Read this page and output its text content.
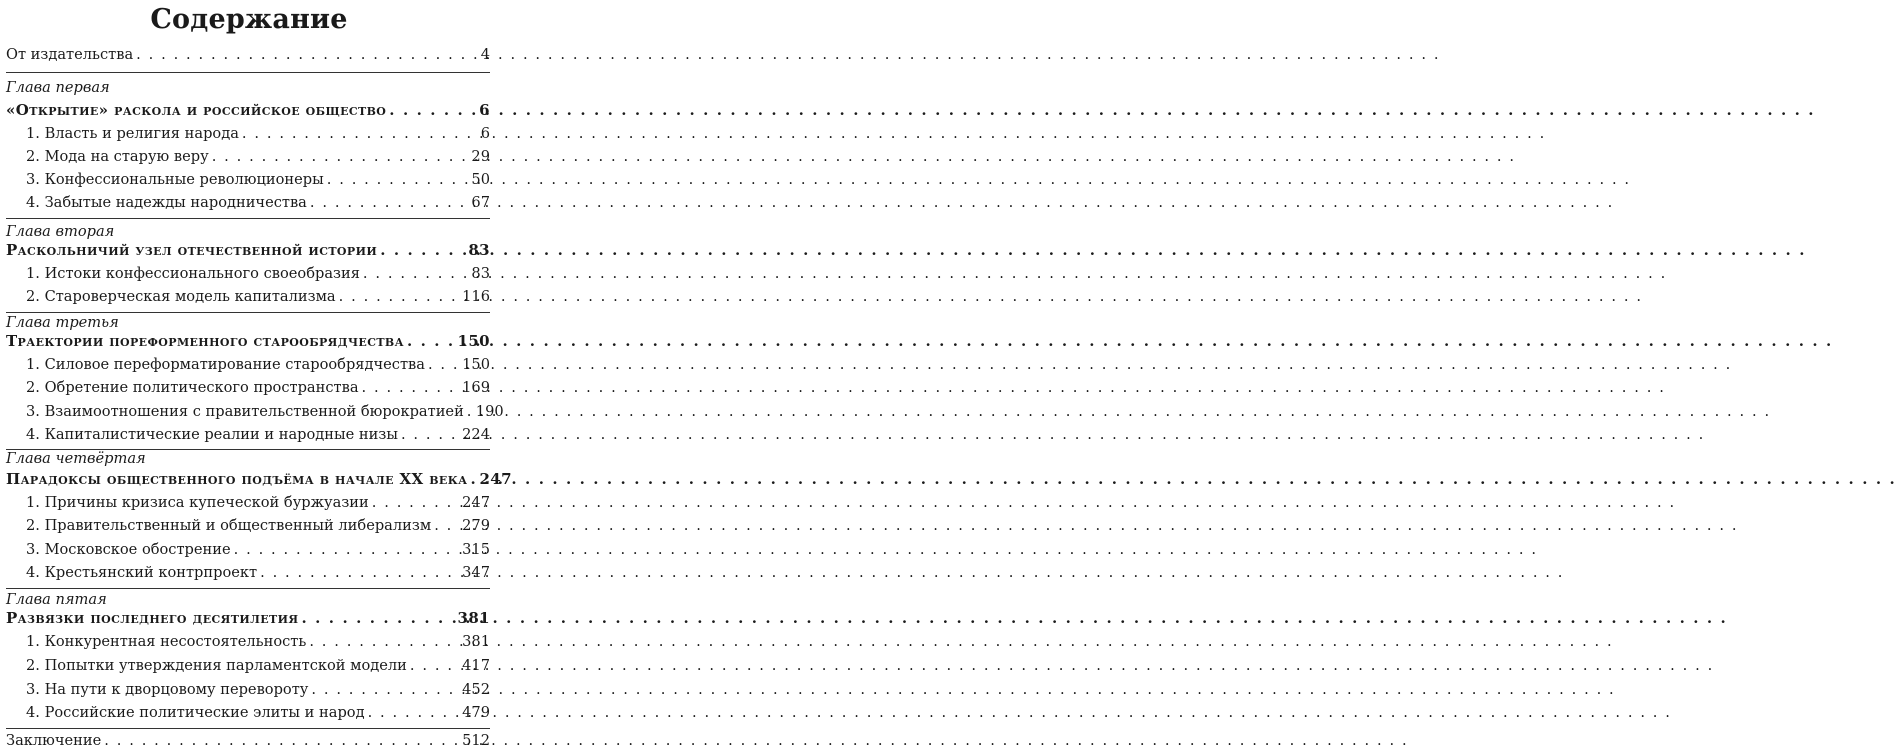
Содержание
От издательства . . .	4
Глава первая
«Открытие» раскола и российское общество . . .	6
1. Власть и религия народа . . .	6
2. Мода на старую веру . . .	29
3. Конфессиональные революционеры . . .	50
4. Забытые надежды народничества . . .	67
Глава вторая
Раскольничий узел отечественной истории . . .	83
1. Истоки конфессионального своеобразия . . .	83
2. Староверческая модель капитализма . . .	116
Глава третья
Траектории пореформенного старообрядчества . . .	150
1. Силовое переформатирование старообрядчества . . .	150
2. Обретение политического пространства . . .	169
3. Взаимоотношения с правительственной бюрократией . . . 190
4. Капиталистические реалии и народные низы . . .	224
Глава четвёртая
Парадоксы общественного подъёма в начале XX века . . . 247
1. Причины кризиса купеческой буржуазии . . .	247
2. Правительственный и общественный либерализм . . . 279
3. Московское обострение . . .	315
4. Крестьянский контрпроект . . .	347
Глава пятая
Развязки последнего десятилетия . . .	381
1. Конкурентная несостоятельность . . .	381
2. Попытки утверждения парламентской модели . . .	417
3. На пути к дворцовому перевороту . . .	452
4. Российские политические элиты и народ . . .	479
Заключение . . .	512
